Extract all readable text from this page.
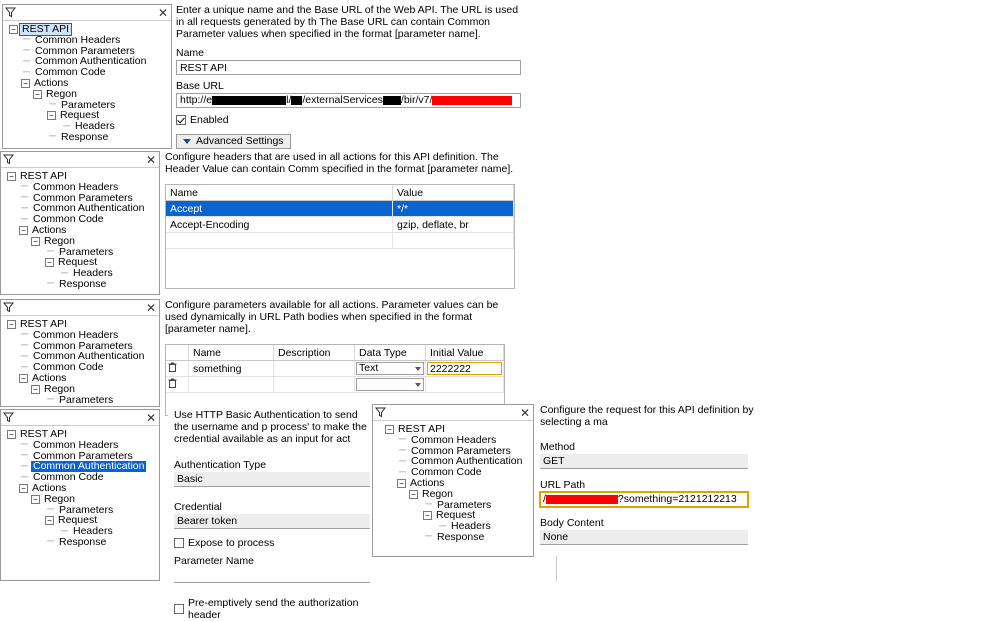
✕
− REST API
─ Common Headers
─ Common Parameters
─ Common Authentication
─ Common Code
− Actions
− Regon
─ Parameters
− Request
─ Headers
─ Response
Enter a unique name and the Base URL of the Web API. The URL is used in all requests generated by th The Base URL can contain Common Parameter values when specified in the format [parameter name].
Name
REST API
Base URL
http://e	l/ /externalServices /bir/v7/
Enabled
Advanced Settings
✕
− REST API
─ Common Headers
─ Common Parameters
─ Common Authentication
─ Common Code
− Actions
− Regon
─ Parameters
− Request
─ Headers
─ Response
Configure headers that are used in all actions for this API definition. The Header Value can contain Comm specified in the format [parameter name].
Name	Value
Accept	*/*
Accept-Encoding	gzip, deflate, br

✕
− REST API
─ Common Headers
─ Common Parameters
─ Common Authentication
─ Common Code
− Actions
− Regon
─ Parameters
Configure parameters available for all actions. Parameter values can be used dynamically in URL Path bodies when specified in the format [parameter name].
	Name	Description	Data Type	Initial Value
	something		Text	2222222

✕
− REST API
─ Common Headers
─ Common Parameters
─ Common Authentication
─ Common Code
− Actions
− Regon
─ Parameters
− Request
─ Headers
─ Response
Use HTTP Basic Authentication to send the username and p process' to make the credential available as an input for act
Authentication Type
Basic
Credential
Bearer token
Expose to process
Parameter Name
Pre-emptively send the authorization header
✕
− REST API
─ Common Headers
─ Common Parameters
─ Common Authentication
─ Common Code
− Actions
− Regon
─ Parameters
− Request
─ Headers
─ Response
Configure the request for this API definition by selecting a ma
Method
GET
URL Path
/	?something=2121212213
Body Content
None
